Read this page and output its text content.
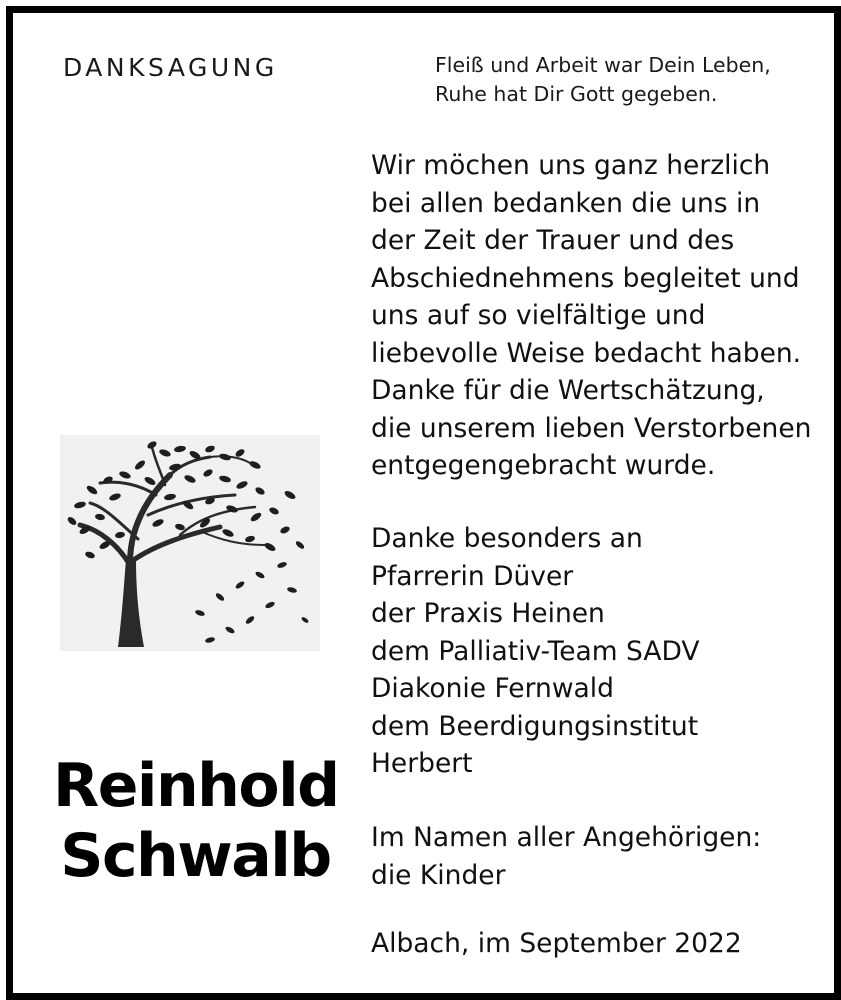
DANKSAGUNG	Fleiß und Arbeit war Dein Leben,
Ruhe hat Dir Gott gegeben.
Wir möchen uns ganz herzlich
bei allen bedanken die uns in
der Zeit der Trauer und des
Abschiednehmens begleitet und
uns auf so vielfältige und
liebevolle Weise bedacht haben.
Danke für die Wertschätzung,
die unserem lieben Verstorbenen
entgegengebracht wurde.
Danke besonders an
Pfarrerin Düver
der Praxis Heinen
dem Palliativ-Team SADV
Diakonie Fernwald
dem Beerdigungsinstitut
Herbert
Im Namen aller Angehörigen:
die Kinder
Albach, im September 2022
Reinhold
Schwalb
